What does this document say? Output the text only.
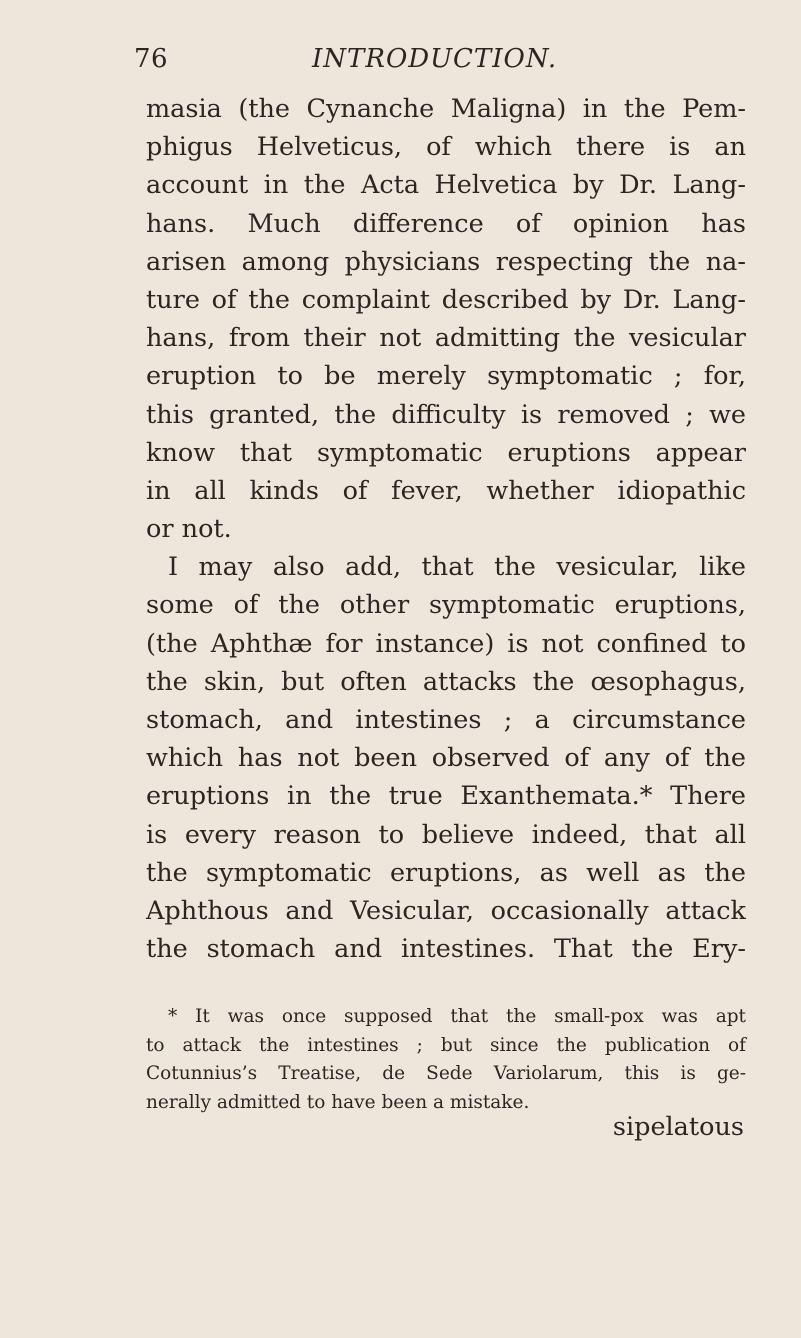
76	INTRODUCTION.
masia (the Cynanche Maligna) in the Pem-
phigus Helveticus, of which there is an
account in the Acta Helvetica by Dr. Lang-
hans. Much difference of opinion has
arisen among physicians respecting the na-
ture of the complaint described by Dr. Lang-
hans, from their not admitting the vesicular
eruption to be merely symptomatic ; for,
this granted, the difficulty is removed ; we
know that symptomatic eruptions appear
in all kinds of fever, whether idiopathic
or not.
I may also add, that the vesicular, like
some of the other symptomatic eruptions,
(the Aphthæ for instance) is not confined to
the skin, but often attacks the œsophagus,
stomach, and intestines ; a circumstance
which has not been observed of any of the
eruptions in the true Exanthemata.* There
is every reason to believe indeed, that all
the symptomatic eruptions, as well as the
Aphthous and Vesicular, occasionally attack
the stomach and intestines. That the Ery-
* It was once supposed that the small-pox was apt
to attack the intestines ; but since the publication of
Cotunnius’s Treatise, de Sede Variolarum, this is ge-
nerally admitted to have been a mistake.
sipelatous
